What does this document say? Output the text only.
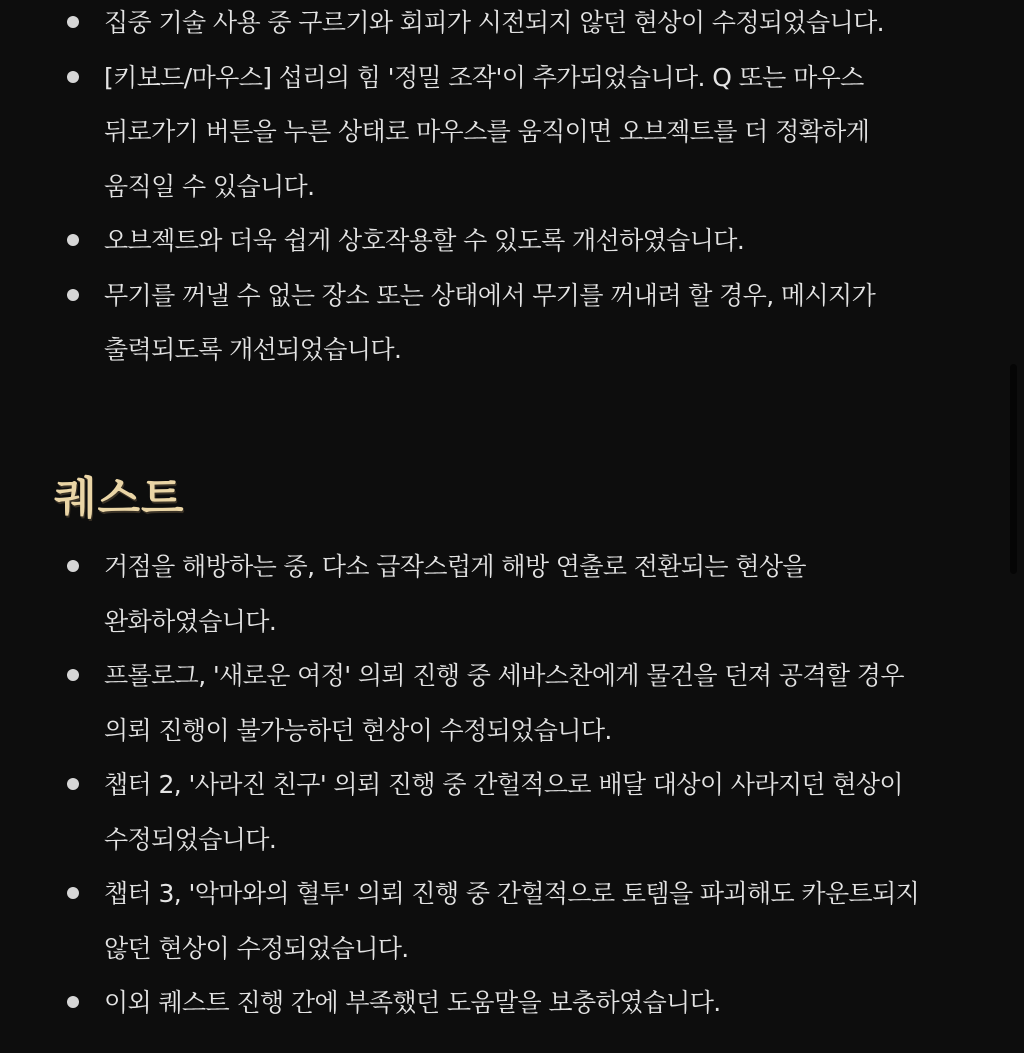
집중 기술 사용 중 구르기와 회피가 시전되지 않던 현상이 수정되었습니다.
[키보드/마우스] 섭리의 힘 '정밀 조작'이 추가되었습니다. Q 또는 마우스
뒤로가기 버튼을 누른 상태로 마우스를 움직이면 오브젝트를 더 정확하게
움직일 수 있습니다.
오브젝트와 더욱 쉽게 상호작용할 수 있도록 개선하였습니다.
무기를 꺼낼 수 없는 장소 또는 상태에서 무기를 꺼내려 할 경우, 메시지가
출력되도록 개선되었습니다.
퀘스트
거점을 해방하는 중, 다소 급작스럽게 해방 연출로 전환되는 현상을
완화하였습니다.
프롤로그, '새로운 여정' 의뢰 진행 중 세바스찬에게 물건을 던져 공격할 경우
의뢰 진행이 불가능하던 현상이 수정되었습니다.
챕터 2, '사라진 친구' 의뢰 진행 중 간헐적으로 배달 대상이 사라지던 현상이
수정되었습니다.
챕터 3, '악마와의 혈투' 의뢰 진행 중 간헐적으로 토템을 파괴해도 카운트되지
않던 현상이 수정되었습니다.
이외 퀘스트 진행 간에 부족했던 도움말을 보충하였습니다.
